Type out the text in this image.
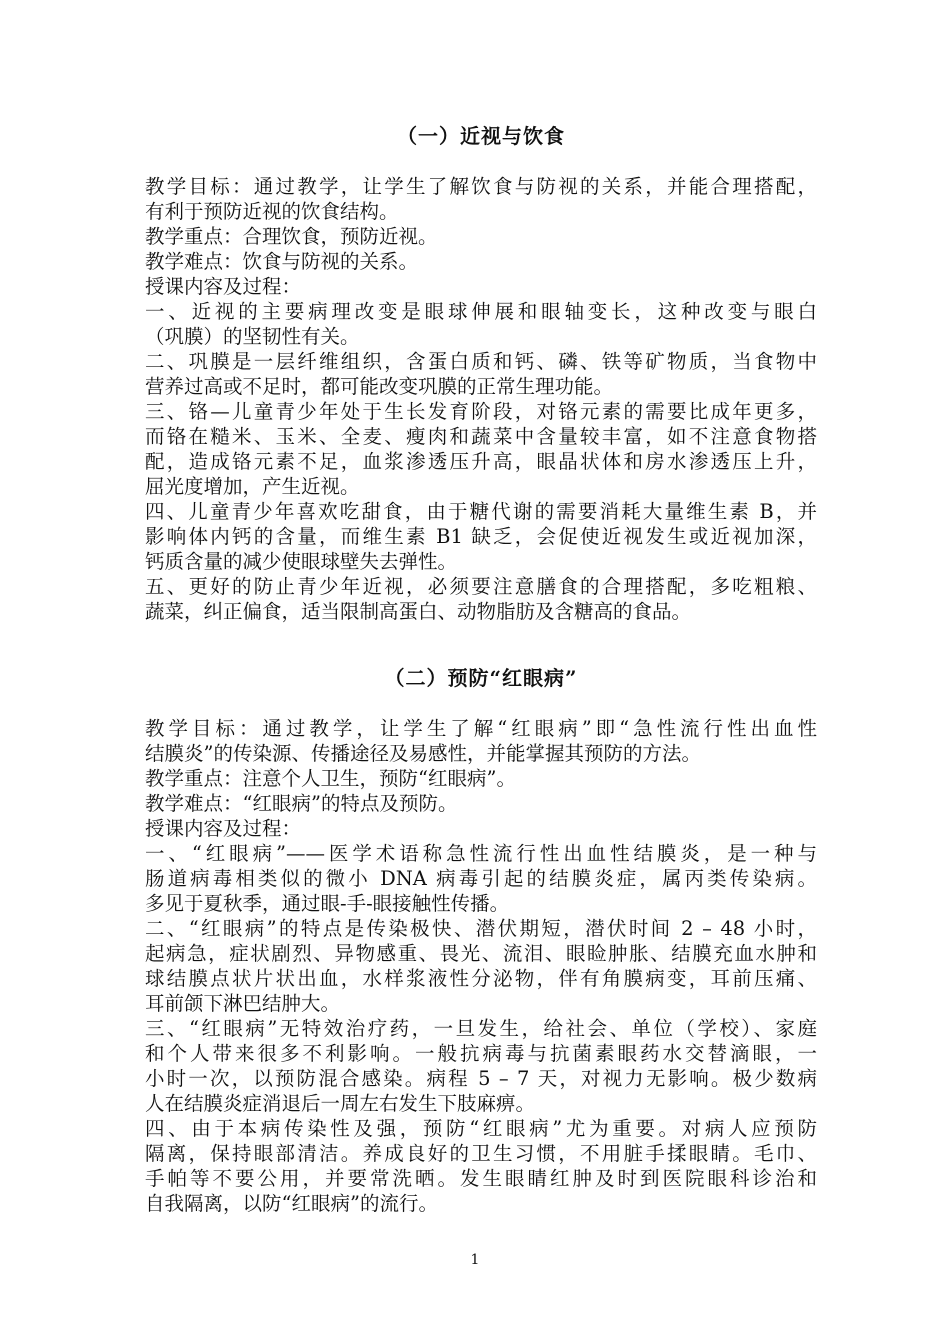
（一）近视与饮食

教学目标：通过教学，让学生了解饮食与防视的关系，并能合理搭配，

有利于预防近视的饮食结构。

教学重点：合理饮食，预防近视。

教学难点：饮食与防视的关系。

授课内容及过程：

一、近视的主要病理改变是眼球伸展和眼轴变长，这种改变与眼白

（巩膜）的坚韧性有关。

二、巩膜是一层纤维组织，含蛋白质和钙、磷、铁等矿物质，当食物中

营养过高或不足时，都可能改变巩膜的正常生理功能。

三、铬—儿童青少年处于生长发育阶段，对铬元素的需要比成年更多，

而铬在糙米、玉米、全麦、瘦肉和蔬菜中含量较丰富，如不注意食物搭

配，造成铬元素不足，血浆渗透压升高，眼晶状体和房水渗透压上升，

屈光度增加，产生近视。

四、儿童青少年喜欢吃甜食，由于糖代谢的需要消耗大量维生素 B，并

影响体内钙的含量，而维生素 B1 缺乏，会促使近视发生或近视加深，

钙质含量的减少使眼球壁失去弹性。

五、更好的防止青少年近视，必须要注意膳食的合理搭配，多吃粗粮、

蔬菜，纠正偏食，适当限制高蛋白、动物脂肪及含糖高的食品。

（二）预防“红眼病”

教学目标：通过教学，让学生了解“红眼病”即“急性流行性出血性

结膜炎”的传染源、传播途径及易感性，并能掌握其预防的方法。

教学重点：注意个人卫生，预防“红眼病”。

教学难点：“红眼病”的特点及预防。

授课内容及过程：

一、“红眼病”——医学术语称急性流行性出血性结膜炎，是一种与

肠道病毒相类似的微小 DNA 病毒引起的结膜炎症，属丙类传染病。

多见于夏秋季，通过眼-手-眼接触性传播。

二、“红眼病”的特点是传染极快、潜伏期短，潜伏时间 2 – 48 小时，

起病急，症状剧烈、异物感重、畏光、流泪、眼睑肿胀、结膜充血水肿和

球结膜点状片状出血，水样浆液性分泌物，伴有角膜病变，耳前压痛、

耳前颌下淋巴结肿大。

三、“红眼病”无特效治疗药，一旦发生，给社会、单位（学校）、家庭

和个人带来很多不利影响。一般抗病毒与抗菌素眼药水交替滴眼，一

小时一次，以预防混合感染。病程 5 – 7 天，对视力无影响。极少数病

人在结膜炎症消退后一周左右发生下肢麻痹。

四、由于本病传染性及强，预防“红眼病”尤为重要。对病人应预防

隔离，保持眼部清洁。养成良好的卫生习惯，不用脏手揉眼睛。毛巾、

手帕等不要公用，并要常洗晒。发生眼睛红肿及时到医院眼科诊治和

自我隔离，以防“红眼病”的流行。

1
